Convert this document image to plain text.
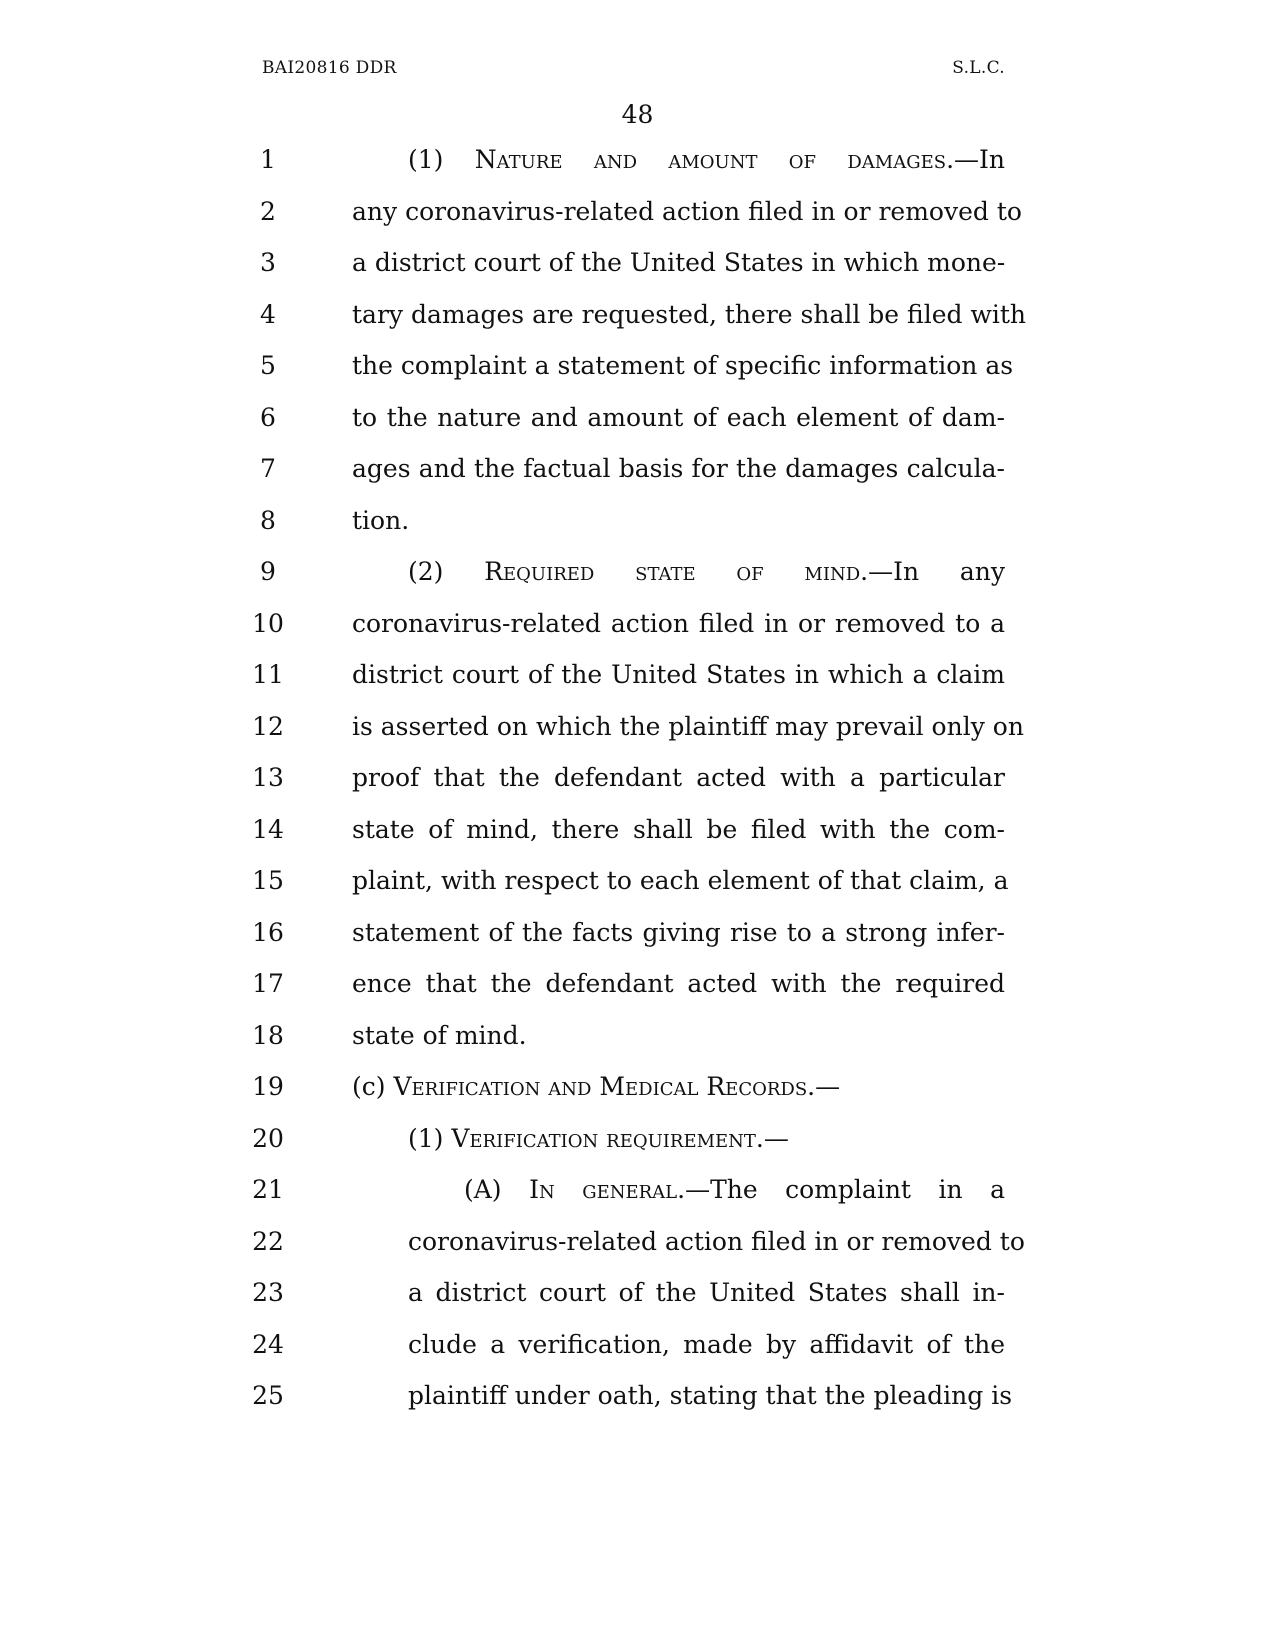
BAI20816 DDR	S.L.C.
48
1	(1) Nature and amount of damages.—In
2	any coronavirus-related action filed in or removed to
3	a district court of the United States in which mone-
4	tary damages are requested, there shall be filed with
5	the complaint a statement of specific information as
6	to the nature and amount of each element of dam-
7	ages and the factual basis for the damages calcula-
8	tion.
9	(2) Required state of mind.—In any
10	coronavirus-related action filed in or removed to a
11	district court of the United States in which a claim
12	is asserted on which the plaintiff may prevail only on
13	proof that the defendant acted with a particular
14	state of mind, there shall be filed with the com-
15	plaint, with respect to each element of that claim, a
16	statement of the facts giving rise to a strong infer-
17	ence that the defendant acted with the required
18	state of mind.
19	(c) Verification and Medical Records.—
20	(1) Verification requirement.—
21	(A) In general.—The complaint in a
22	coronavirus-related action filed in or removed to
23	a district court of the United States shall in-
24	clude a verification, made by affidavit of the
25	plaintiff under oath, stating that the pleading is
